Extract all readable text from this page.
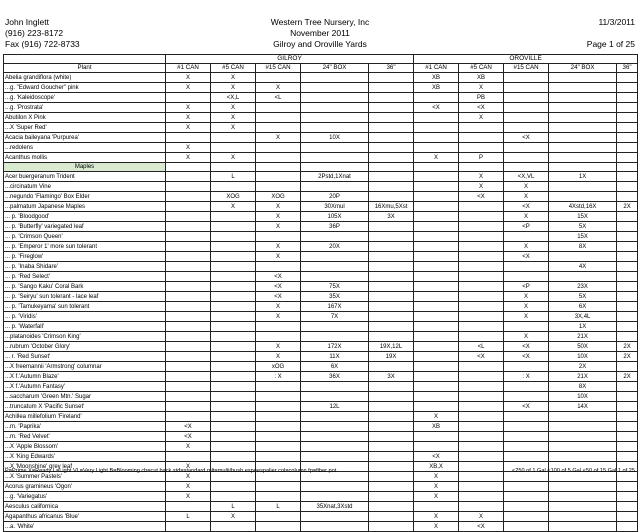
John Inglett
(916) 223-8172
Fax (916) 722-8733
Western Tree Nursery, Inc
November 2011
Gilroy and Oroville Yards
11/3/2011

Page 1 of 25
	GILROY					OROVILLE				
Plant	#1 CAN	#5 CAN	#15 CAN	24" BOX	36"	#1 CAN	#5 CAN	#15 CAN	24" BOX	36"
Abelia grandiflora (white)	X	X				XB	XB			
...g. "Edward Goucher" pink	X	X	X			XB	X			
...g. 'Kaleidoscope'		<X,L	<L				PB			
...g. 'Prostrata'	X	X				<X	<X			
Abutilon X Pink	X	X					X			
...X 'Super Red'	X	X								
Acacia baileyana 'Purpurea'			X	10X				<X		
...redolens	X									
Acanthus mollis	X	X				X	P			
Maples										
Acer buergeranum Trident		L		2Pstd,1Xnat			X	<X,VL	1X	
...circinatum Vine							X	X		
...negundo 'Flamingo' Box Elder		XOG	XOG	20P			<X	X		
...palmatum Japanese Maples		X	X	30Xmul	16Xmu,5Xst			<X	4Xstd,16X	2X
... p. 'Bloodgood'			X	105X	3X			X	15X	
... p. 'Butterfly' variegated leaf			X	36P				<P	5X	
... p. 'Crimson Queen'									15X	
... p. 'Emperor 1' more sun tolerant			X	20X				X	8X	
... p. 'Fireglow'			X					<X		
... p. 'Inaba Shidare'									4X	
... p. 'Red Select'			<X							
... p. 'Sango Kaku' Coral Bark			<X	75X				<P	23X	
... p. 'Seiryu' sun tolerant - lace leaf			<X	35X				X	5X	
... p. 'Tamukeyama' sun tolerant			X	167X				X	6X	
... p. 'Viridis'			X	7X				X	3X,4L	
... p. 'Waterfall'									1X	
...platanoides 'Crimson King'								X	21X	
...rubrum 'October Glory'			X	172X	19X,12L		<L	<X	50X	2X
... r. 'Red Sunset'			X	11X	19X		<X	<X	10X	2X
...X freemannii 'Armstrong' columnar			xOG	6X					2X	
...X f.'Autumn Blaze'			: X	36X	3X			: X	21X	2X
...X f.'Autumn Fantasy'									8X	
...saccharum 'Green Mtn.' Sugar									10X	
...truncatum X 'Pacific Sunset'				12L				<X	14X	
Achillea millefolium 'Fireland'						X				
...m. 'Paprika'	<X					XB				
...m. 'Red Velvet'	<X									
...X 'Apple Blossom'	X									
...X 'King Edwards'						<X				
...X 'Moonshine' grey leaf	X					XB,X				
...X 'Summer Pastels'	X					X				
Acorus gramineus 'Ogon'	X					X				
...g. 'Variegatus'	X					X				
Aesculus californica		L	L	35Xnat,3Xstd						
Agapanthus africanus 'Blue'	L	X				X	X			
...a. 'White'						X	<X			
P=Prime X=Ready L=Light VL=Very Light B=Blooming cb=cut back std=standard mlt=multi/bush esp=espalier col=column fp=fiber pot	<250 of 1 Gal <100 of 5 Gal <50 of 15 Gal 1 of 25
